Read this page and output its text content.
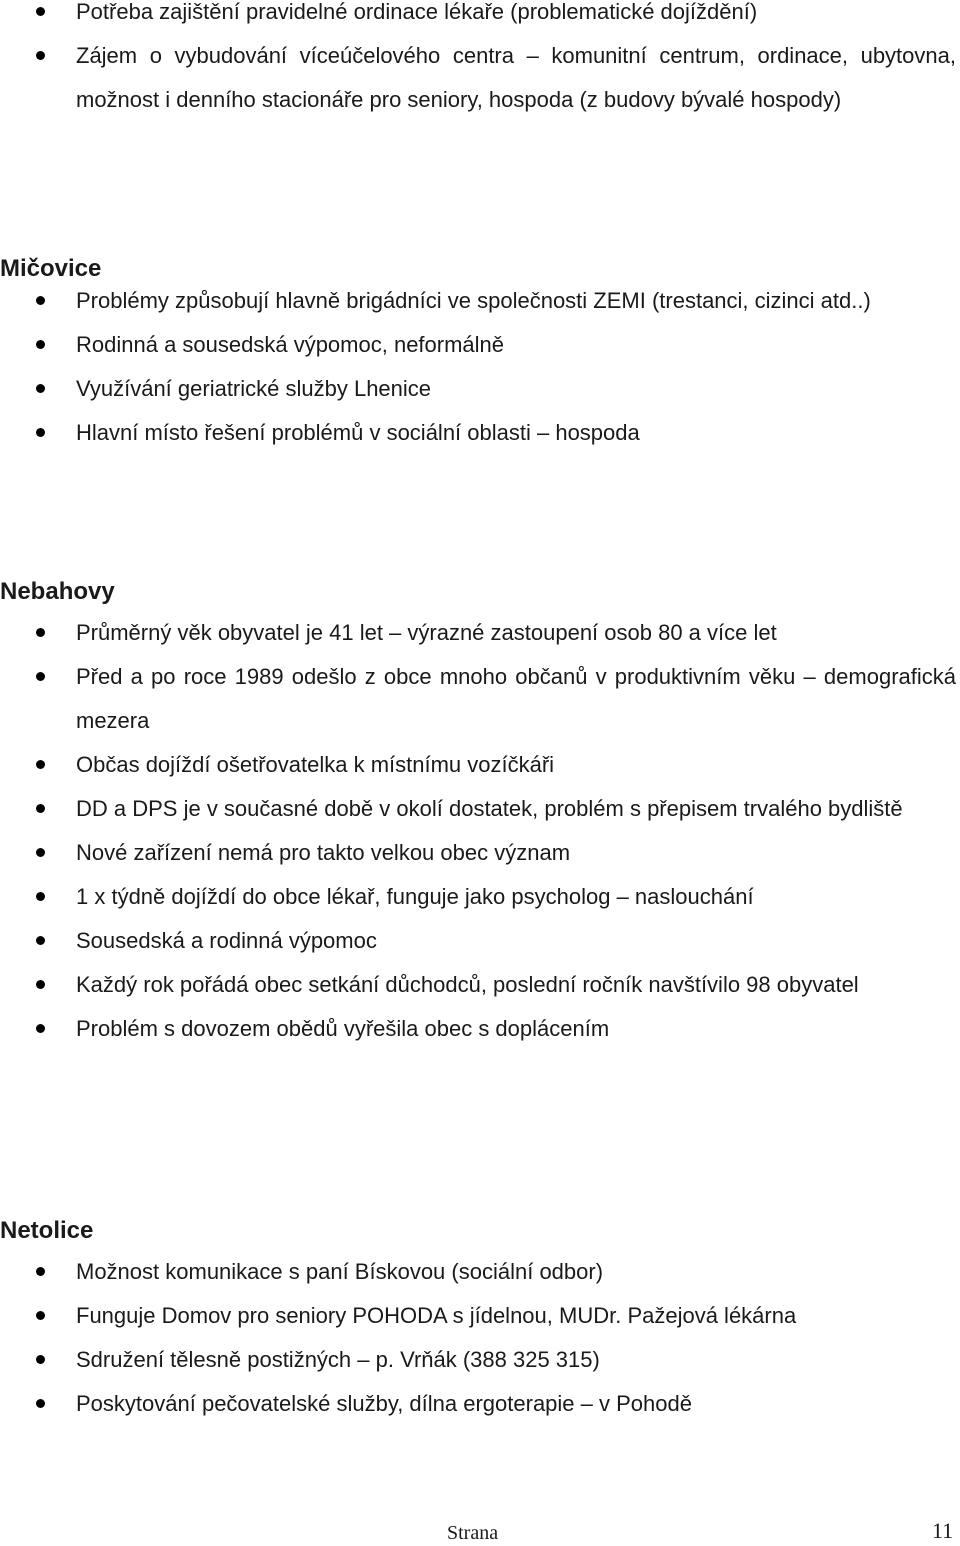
Potřeba zajištění pravidelné ordinace lékaře (problematické dojíždění)
Zájem o vybudování víceúčelového centra – komunitní centrum, ordinace, ubytovna, možnost i denního stacionáře pro seniory, hospoda (z budovy bývalé hospody)
Mičovice
Problémy způsobují hlavně brigádníci ve společnosti ZEMI (trestanci, cizinci atd..)
Rodinná a sousedská výpomoc, neformálně
Využívání geriatrické služby Lhenice
Hlavní místo řešení problémů v sociální oblasti – hospoda
Nebahovy
Průměrný věk obyvatel je 41 let – výrazné zastoupení osob 80 a více let
Před a po roce 1989 odešlo z obce mnoho občanů v produktivním věku – demografická mezera
Občas dojíždí ošetřovatelka k místnímu vozíčkáři
DD a DPS je v současné době v okolí dostatek, problém s přepisem trvalého bydliště
Nové zařízení nemá pro takto velkou obec význam
1 x týdně dojíždí do obce lékař, funguje jako psycholog – naslouchání
Sousedská a rodinná výpomoc
Každý rok pořádá obec setkání důchodců, poslední ročník navštívilo 98 obyvatel
Problém s dovozem obědů vyřešila obec s doplácením
Netolice
Možnost komunikace s paní Bískovou (sociální odbor)
Funguje Domov pro seniory POHODA s jídelnou, MUDr. Pažejová lékárna
Sdružení tělesně postižných – p. Vrňák (388 325 315)
Poskytování pečovatelské služby, dílna ergoterapie – v Pohodě
Strana	11
